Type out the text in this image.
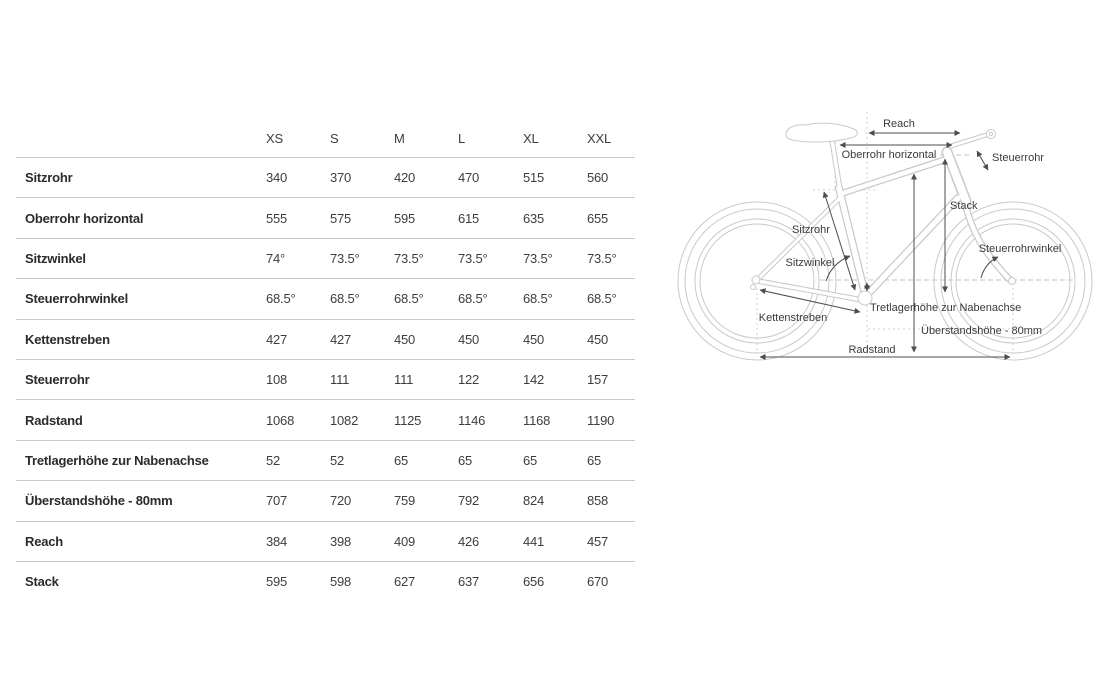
XS	S	M	L	XL	XXL
Sitzrohr	340	370	420	470	515	560
Oberrohr horizontal	555	575	595	615	635	655
Sitzwinkel	74°	73.5°	73.5°	73.5°	73.5°	73.5°
Steuerrohrwinkel	68.5°	68.5°	68.5°	68.5°	68.5°	68.5°
Kettenstreben	427	427	450	450	450	450
Steuerrohr	108	111	111	122	142	157
Radstand	1068	1082	1125	1146	1168	1190
Tretlagerhöhe zur Nabenachse	52	52	65	65	65	65
Überstandshöhe - 80mm	707	720	759	792	824	858
Reach	384	398	409	426	441	457
Stack	595	598	627	637	656	670
Reach
Oberrohr horizontal	Steuerrohr
Stack
Sitzrohr
Sitzwinkel
Steuerrohrwinkel
Kettenstreben
Tretlagerhöhe zur Nabenachse
Überstandshöhe - 80mm
Radstand
